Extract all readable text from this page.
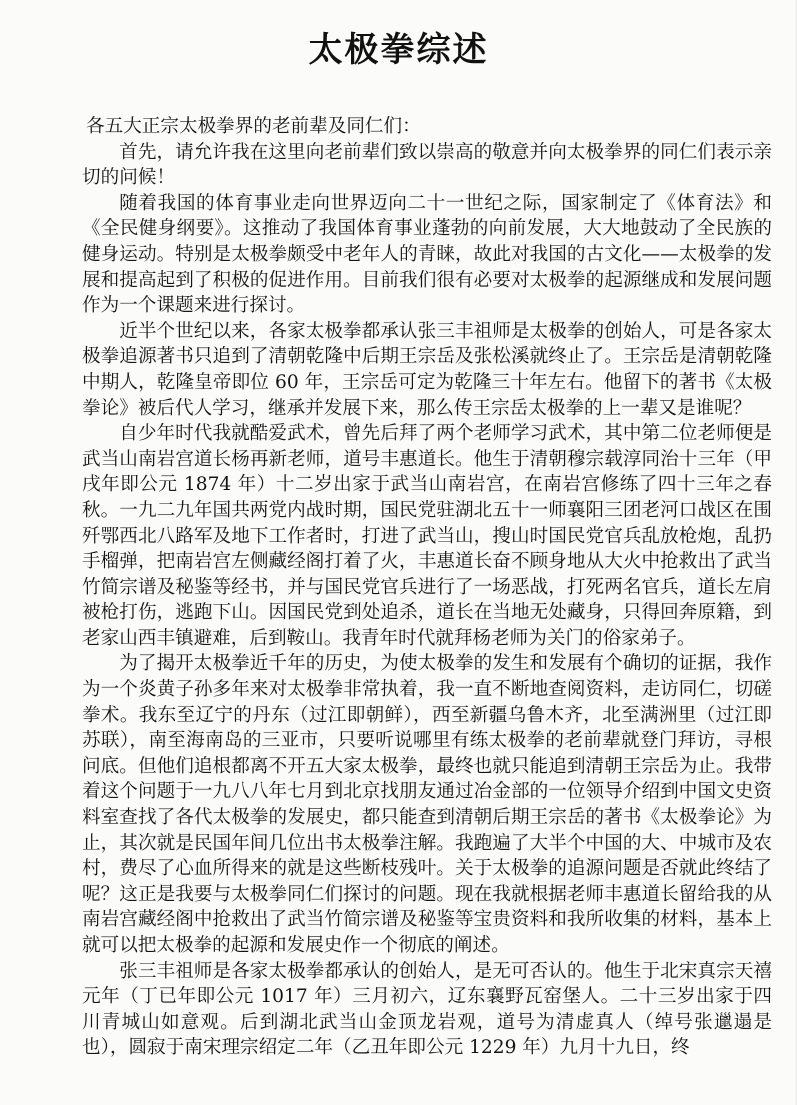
太极拳综述

各五大正宗太极拳界的老前辈及同仁们：

首先，请允许我在这里向老前辈们致以崇高的敬意并向太极拳界的同仁们表示亲切的问候！

随着我国的体育事业走向世界迈向二十一世纪之际，国家制定了《体育法》和《全民健身纲要》。这推动了我国体育事业蓬勃的向前发展，大大地鼓动了全民族的健身运动。特别是太极拳颇受中老年人的青睐，故此对我国的古文化——太极拳的发展和提高起到了积极的促进作用。目前我们很有必要对太极拳的起源继成和发展问题作为一个课题来进行探讨。

近半个世纪以来，各家太极拳都承认张三丰祖师是太极拳的创始人，可是各家太极拳追源著书只追到了清朝乾隆中后期王宗岳及张松溪就终止了。王宗岳是清朝乾隆中期人，乾隆皇帝即位 60 年，王宗岳可定为乾隆三十年左右。他留下的著书《太极拳论》被后代人学习，继承并发展下来，那么传王宗岳太极拳的上一辈又是谁呢？

自少年时代我就酷爱武术，曾先后拜了两个老师学习武术，其中第二位老师便是武当山南岩宫道长杨再新老师，道号丰惠道长。他生于清朝穆宗载淳同治十三年（甲戌年即公元 1874 年）十二岁出家于武当山南岩宫，在南岩宫修练了四十三年之春秋。一九二九年国共两党内战时期，国民党驻湖北五十一师襄阳三团老河口战区在围歼鄂西北八路军及地下工作者时，打进了武当山，搜山时国民党官兵乱放枪炮，乱扔手榴弹，把南岩宫左侧藏经阁打着了火，丰惠道长奋不顾身地从大火中抢救出了武当竹简宗谱及秘鉴等经书，并与国民党官兵进行了一场恶战，打死两名官兵，道长左肩被枪打伤，逃跑下山。因国民党到处追杀，道长在当地无处藏身，只得回奔原籍，到老家山西丰镇避难，后到鞍山。我青年时代就拜杨老师为关门的俗家弟子。

为了揭开太极拳近千年的历史，为使太极拳的发生和发展有个确切的证据，我作为一个炎黄子孙多年来对太极拳非常执着，我一直不断地查阅资料，走访同仁，切磋拳术。我东至辽宁的丹东（过江即朝鲜），西至新疆乌鲁木齐，北至满洲里（过江即苏联），南至海南岛的三亚市，只要听说哪里有练太极拳的老前辈就登门拜访，寻根问底。但他们追根都离不开五大家太极拳，最终也就只能追到清朝王宗岳为止。我带着这个问题于一九八八年七月到北京找朋友通过冶金部的一位领导介绍到中国文史资料室查找了各代太极拳的发展史，都只能查到清朝后期王宗岳的著书《太极拳论》为止，其次就是民国年间几位出书太极拳注解。我跑遍了大半个中国的大、中城市及农村，费尽了心血所得来的就是这些断枝残叶。关于太极拳的追源问题是否就此终结了呢？这正是我要与太极拳同仁们探讨的问题。现在我就根据老师丰惠道长留给我的从南岩宫藏经阁中抢救出了武当竹简宗谱及秘鉴等宝贵资料和我所收集的材料，基本上就可以把太极拳的起源和发展史作一个彻底的阐述。

张三丰祖师是各家太极拳都承认的创始人，是无可否认的。他生于北宋真宗天禧元年（丁已年即公元 1017 年）三月初六，辽东襄野瓦窑堡人。二十三岁出家于四川青城山如意观。后到湖北武当山金顶龙岩观，道号为清虚真人（绰号张邋遢是也），圆寂于南宋理宗绍定二年（乙丑年即公元 1229 年）九月十九日，终
